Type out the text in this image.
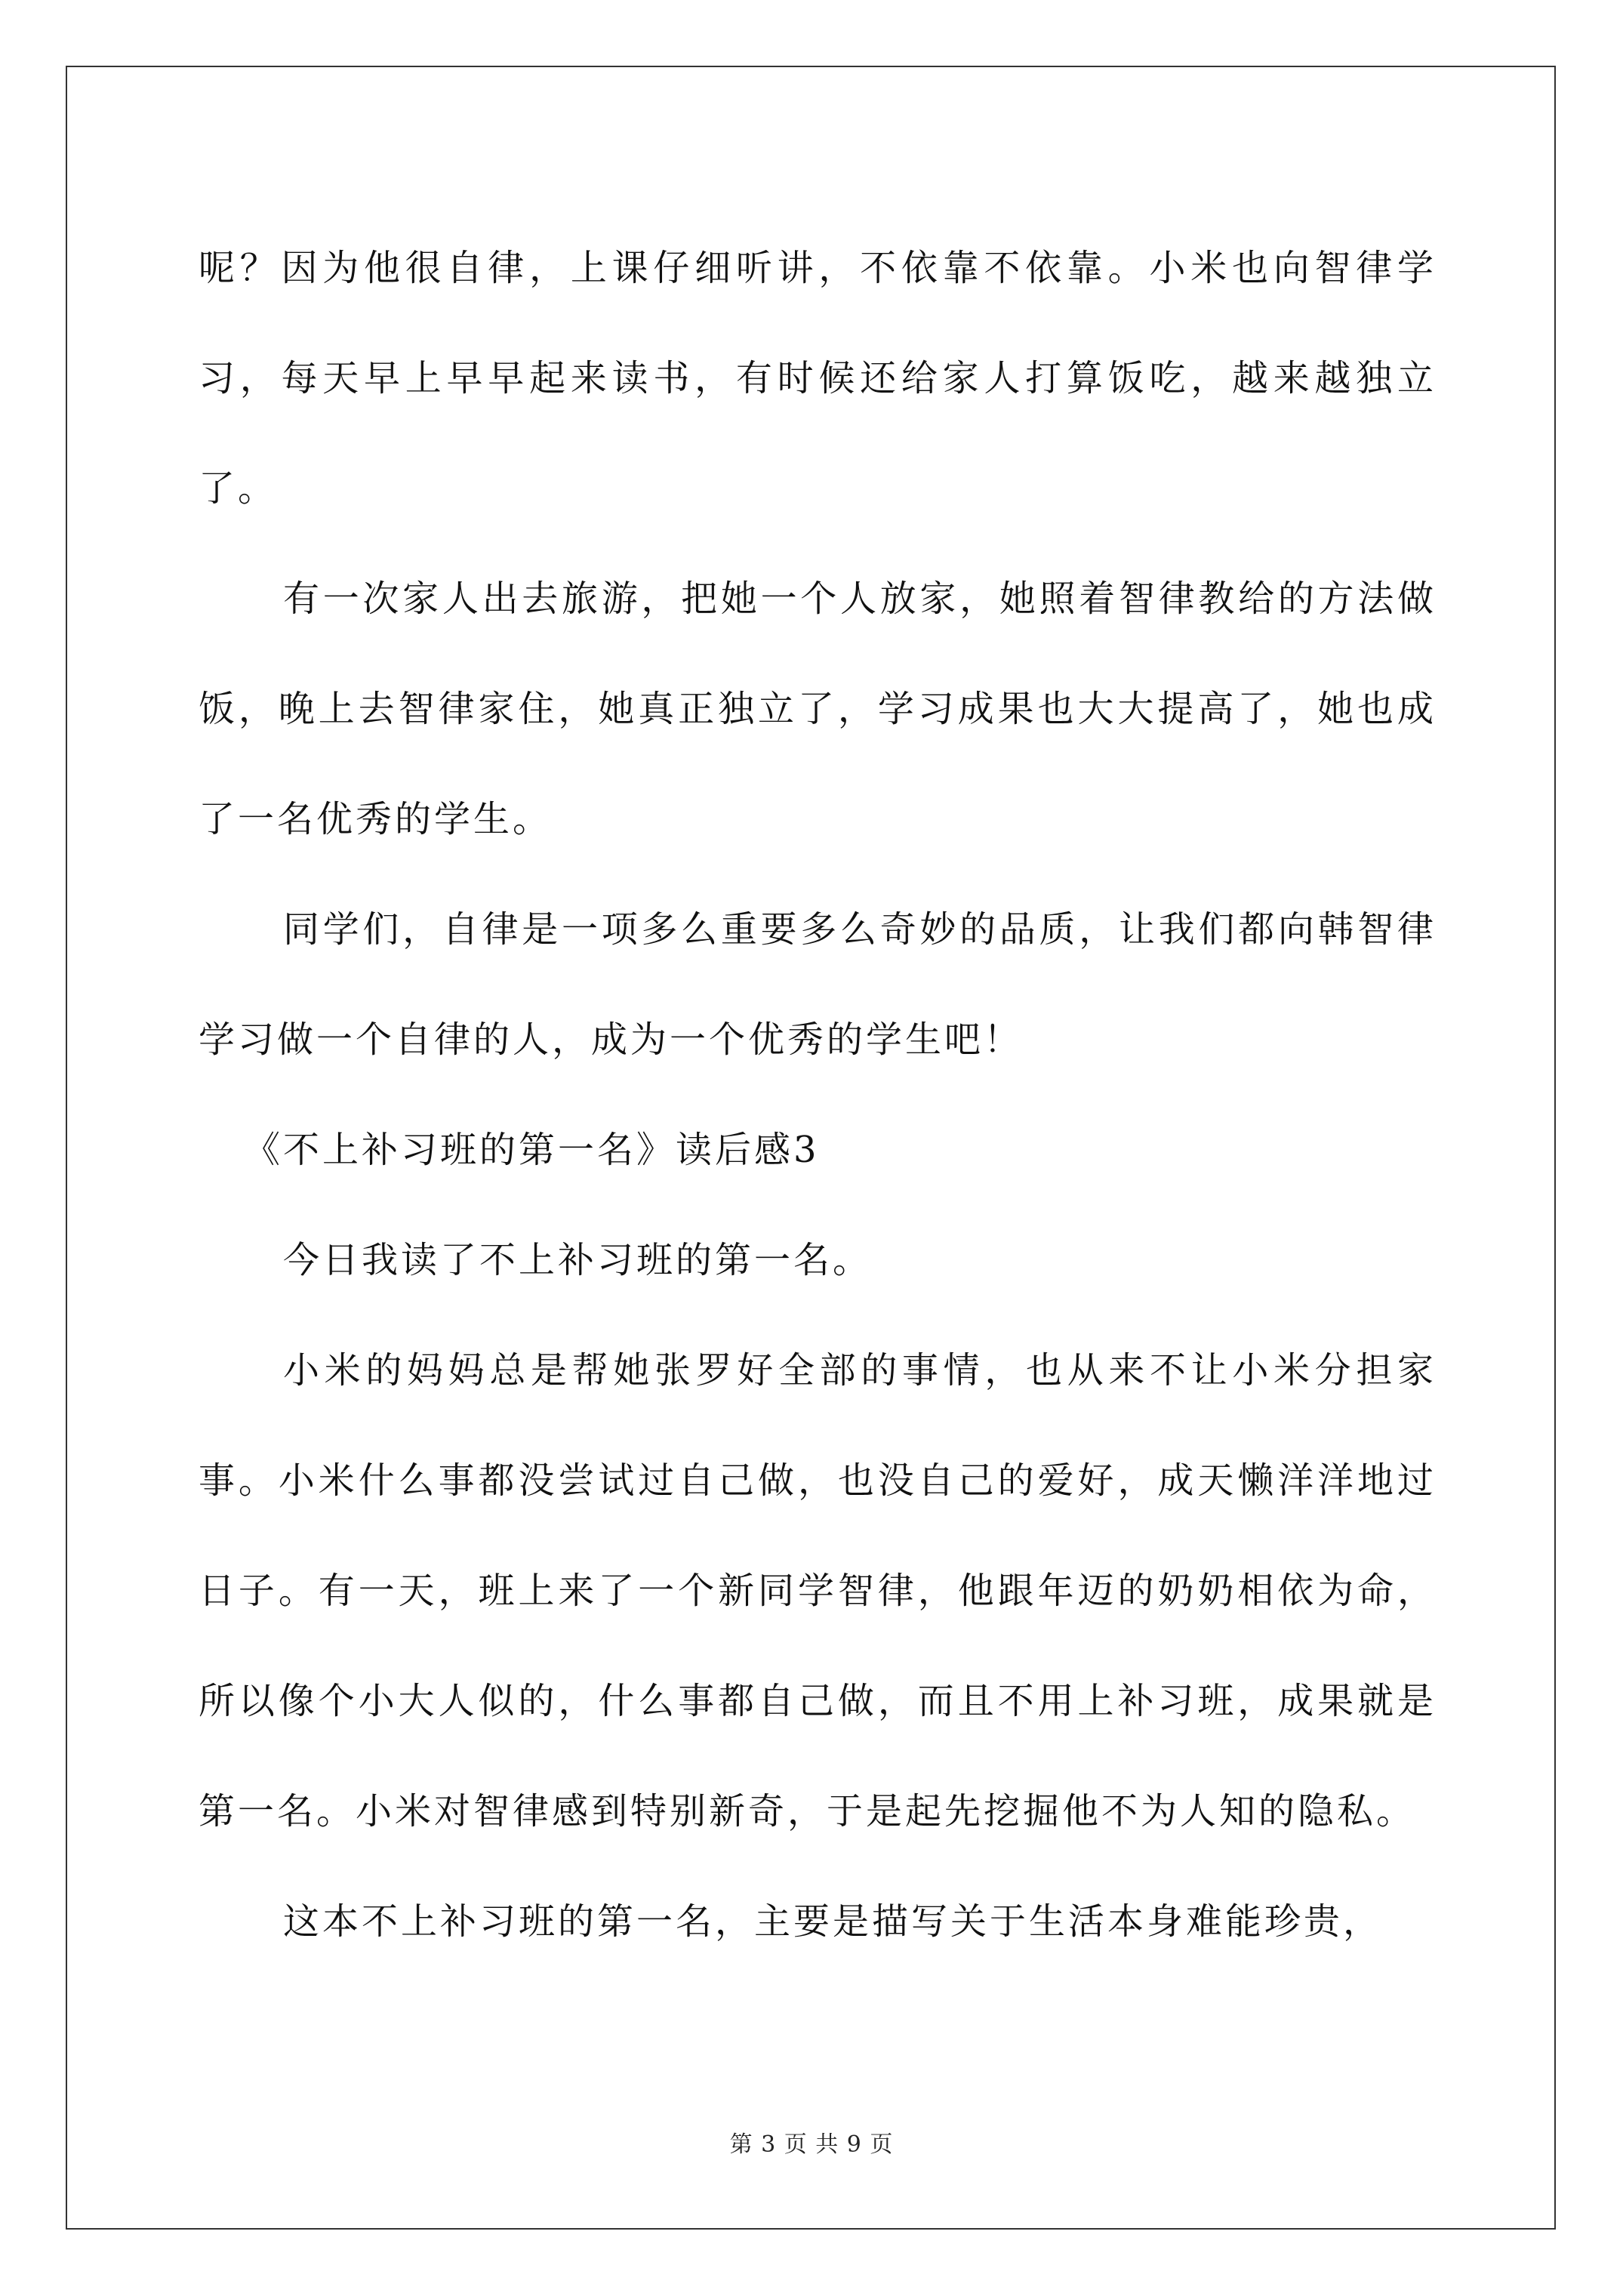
呢？因为他很自律，上课仔细听讲，不依靠不依靠。小米也向智律学习，每天早上早早起来读书，有时候还给家人打算饭吃，越来越独立了。

有一次家人出去旅游，把她一个人放家，她照着智律教给的方法做饭，晚上去智律家住，她真正独立了，学习成果也大大提高了，她也成了一名优秀的学生。

同学们，自律是一项多么重要多么奇妙的品质，让我们都向韩智律学习做一个自律的人，成为一个优秀的学生吧！

《不上补习班的第一名》读后感3

今日我读了不上补习班的第一名。

小米的妈妈总是帮她张罗好全部的事情，也从来不让小米分担家事。小米什么事都没尝试过自己做，也没自己的爱好，成天懒洋洋地过日子。有一天，班上来了一个新同学智律，他跟年迈的奶奶相依为命，所以像个小大人似的，什么事都自己做，而且不用上补习班，成果就是第一名。小米对智律感到特别新奇，于是起先挖掘他不为人知的隐私。

这本不上补习班的第一名，主要是描写关于生活本身难能珍贵，

第 3 页 共 9 页
